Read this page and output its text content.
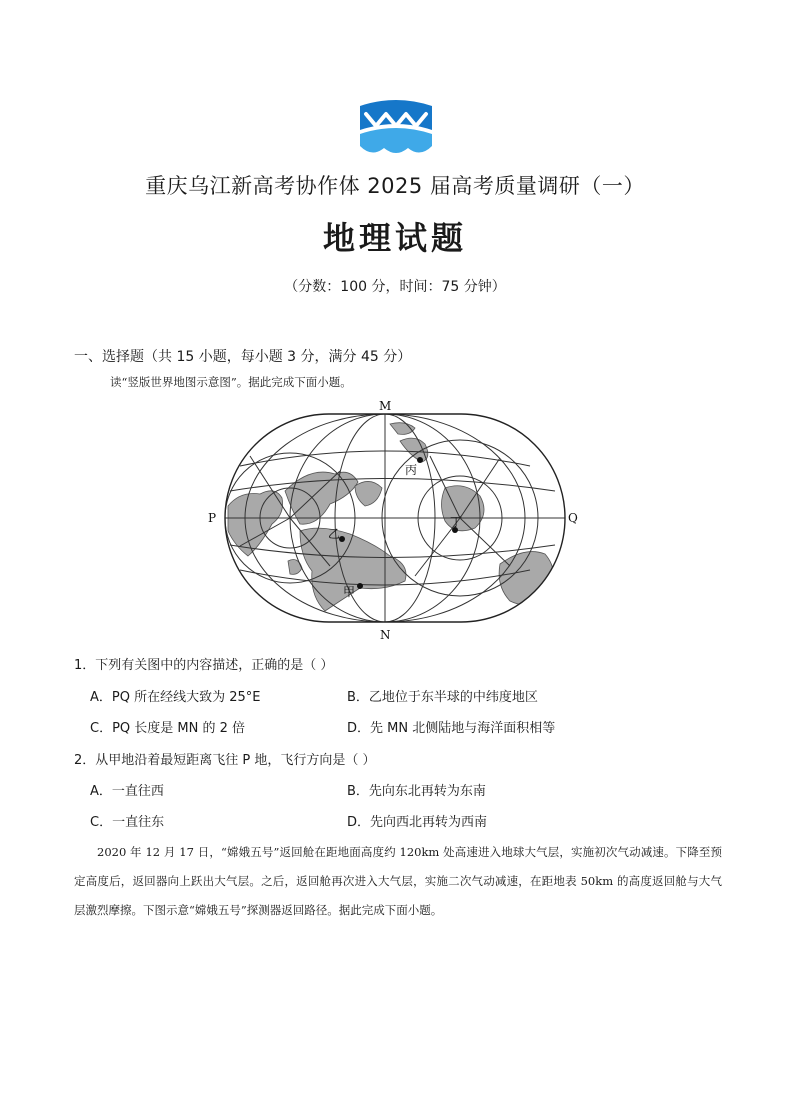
重庆乌江新高考协作体 2025 届高考质量调研（一）
地理试题
（分数：100 分，时间：75 分钟）
一、选择题（共 15 小题，每小题 3 分，满分 45 分）
读“竖版世界地图示意图”。据此完成下面小题。
M
N
P	Q
乙
甲
丙
丁
1．下列有关图中的内容描述，正确的是（ ）
A．PQ 所在经线大致为 25°E	B．乙地位于东半球的中纬度地区
C．PQ 长度是 MN 的 2 倍	D．先 MN 北侧陆地与海洋面积相等
2．从甲地沿着最短距离飞往 P 地，飞行方向是（ ）
A．一直往西	B．先向东北再转为东南
C．一直往东	D．先向西北再转为西南

2020 年 12 月 17 日，“嫦娥五号”返回舱在距地面高度约 120km 处高速进入地球大气层，实施初次气动减速。下降至预定高度后，返回器向上跃出大气层。之后，返回舱再次进入大气层，实施二次气动减速，在距地表 50km 的高度返回舱与大气层激烈摩擦。下图示意“嫦娥五号”探测器返回路径。据此完成下面小题。
